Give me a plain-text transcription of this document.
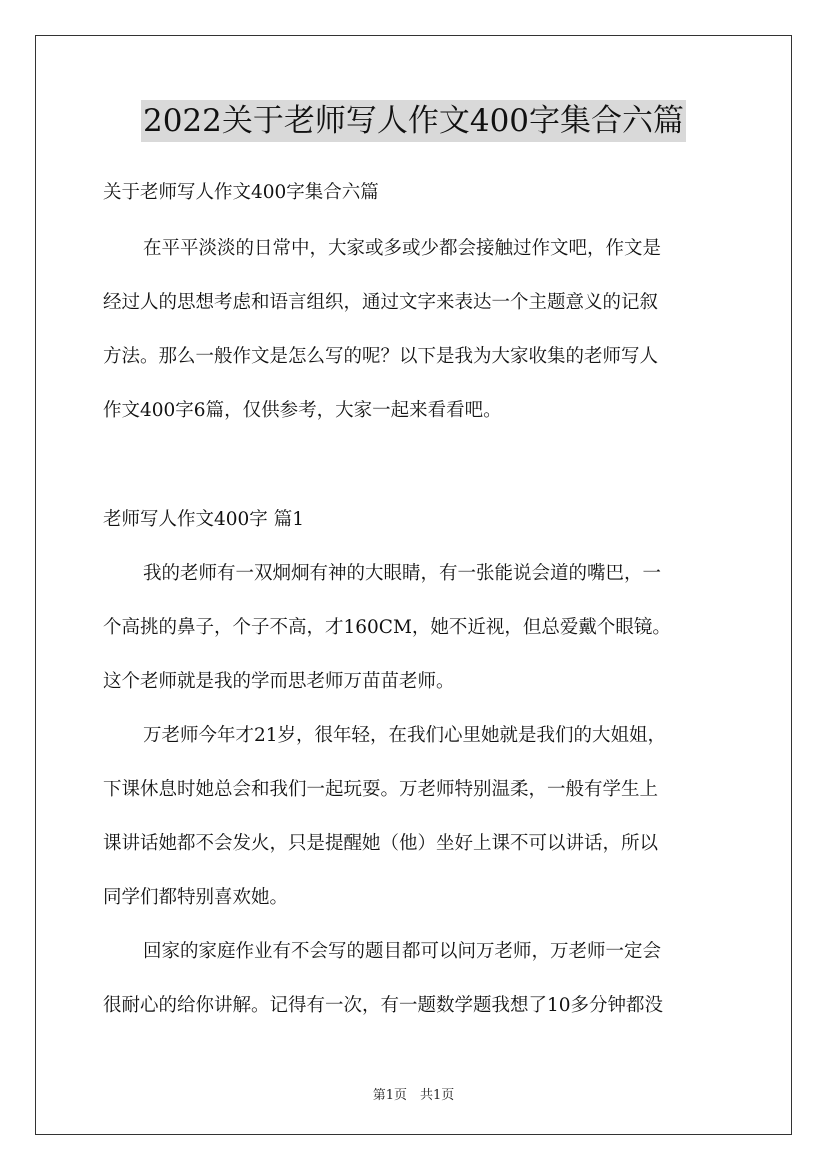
2022关于老师写人作文400字集合六篇
关于老师写人作文400字集合六篇
在平平淡淡的日常中，大家或多或少都会接触过作文吧，作文是
经过人的思想考虑和语言组织，通过文字来表达一个主题意义的记叙
方法。那么一般作文是怎么写的呢？以下是我为大家收集的老师写人
作文400字6篇，仅供参考，大家一起来看看吧。
老师写人作文400字 篇1
我的老师有一双炯炯有神的大眼睛，有一张能说会道的嘴巴，一
个高挑的鼻子，个子不高，才160CM，她不近视，但总爱戴个眼镜。
这个老师就是我的学而思老师万苗苗老师。
万老师今年才21岁，很年轻，在我们心里她就是我们的大姐姐，
下课休息时她总会和我们一起玩耍。万老师特别温柔，一般有学生上
课讲话她都不会发火，只是提醒她（他）坐好上课不可以讲话，所以
同学们都特别喜欢她。
回家的家庭作业有不会写的题目都可以问万老师，万老师一定会
很耐心的给你讲解。记得有一次，有一题数学题我想了10多分钟都没
第1页　共1页
